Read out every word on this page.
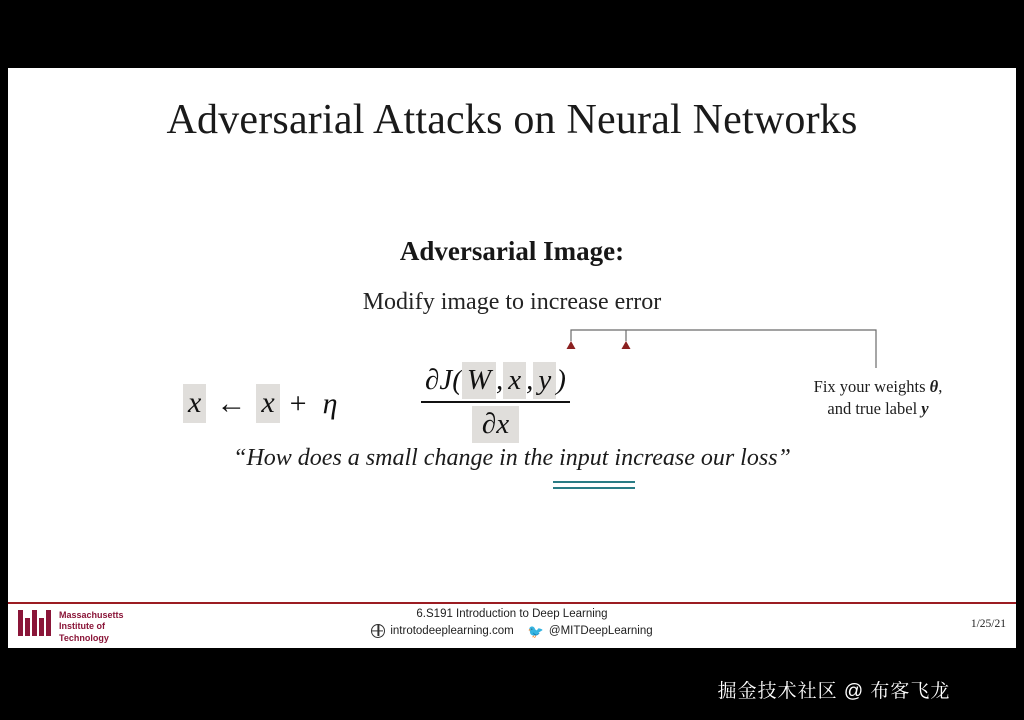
Adversarial Attacks on Neural Networks
Adversarial Image:
Modify image to increase error
x ← x + η
∂J( W , x , y )
∂x
Fix your weights θ,
and true label y
“How does a small change in the input increase our loss”
Massachusetts
Institute of
Technology
6.S191 Introduction to Deep Learning
introtodeeplearning.com 🐦 @MITDeepLearning
1/25/21
掘金技术社区 @ 布客飞龙
